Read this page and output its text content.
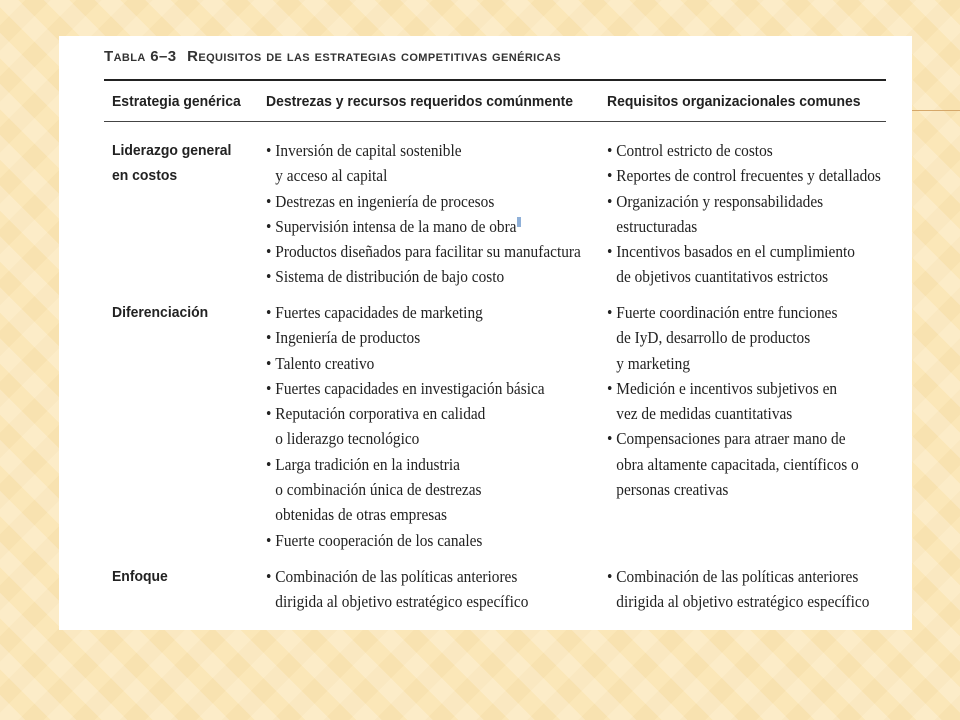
Tabla 6–3 Requisitos de las estrategias competitivas genéricas
Estrategia genérica Destrezas y recursos requeridos comúnmente Requisitos organizacionales comunes
Liderazgo general
en costos
• Inversión de capital sostenible
y acceso al capital
• Destrezas en ingeniería de procesos
• Supervisión intensa de la mano de obra
• Productos diseñados para facilitar su manufactura
• Sistema de distribución de bajo costo
• Control estricto de costos
• Reportes de control frecuentes y detallados
• Organización y responsabilidades
estructuradas
• Incentivos basados en el cumplimiento
de objetivos cuantitativos estrictos
Diferenciación	• Fuertes capacidades de marketing
• Ingeniería de productos
• Talento creativo
• Fuertes capacidades en investigación básica
• Reputación corporativa en calidad
o liderazgo tecnológico
• Larga tradición en la industria
o combinación única de destrezas
obtenidas de otras empresas
• Fuerte cooperación de los canales
• Fuerte coordinación entre funciones
de IyD, desarrollo de productos
y marketing
• Medición e incentivos subjetivos en
vez de medidas cuantitativas
• Compensaciones para atraer mano de
obra altamente capacitada, científicos o
personas creativas
Enfoque	• Combinación de las políticas anteriores
dirigida al objetivo estratégico específico
• Combinación de las políticas anteriores
dirigida al objetivo estratégico específico
